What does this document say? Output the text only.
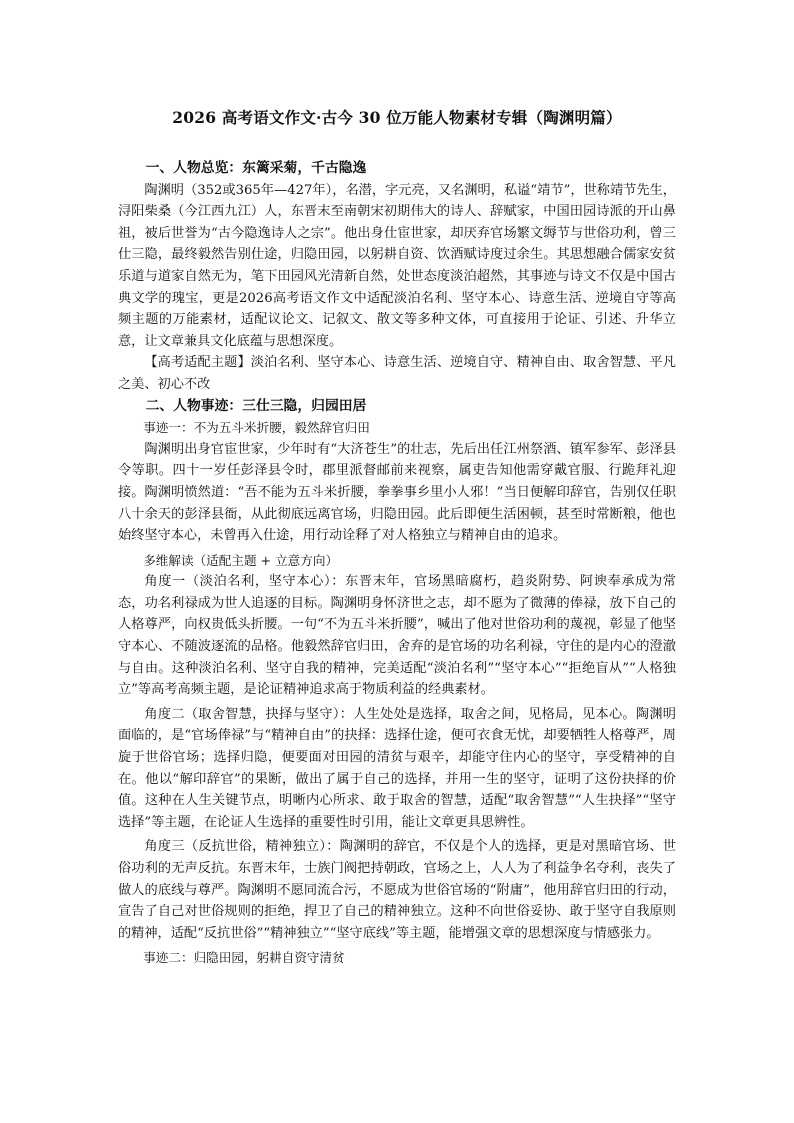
2026 高考语文作文·古今 30 位万能人物素材专辑（陶渊明篇）

一、人物总览：东篱采菊，千古隐逸

陶渊明（352或365年—427年），名潜，字元亮，又名渊明，私谥“靖节”，世称靖节先生，浔阳柴桑（今江西九江）人，东晋末至南朝宋初期伟大的诗人、辞赋家，中国田园诗派的开山鼻祖，被后世誉为“古今隐逸诗人之宗”。他出身仕宦世家，却厌弃官场繁文缛节与世俗功利，曾三仕三隐，最终毅然告别仕途，归隐田园，以躬耕自资、饮酒赋诗度过余生。其思想融合儒家安贫乐道与道家自然无为，笔下田园风光清新自然，处世态度淡泊超然，其事迹与诗文不仅是中国古典文学的瑰宝，更是2026高考语文作文中适配淡泊名利、坚守本心、诗意生活、逆境自守等高频主题的万能素材，适配议论文、记叙文、散文等多种文体，可直接用于论证、引述、升华立意，让文章兼具文化底蕴与思想深度。

【高考适配主题】淡泊名利、坚守本心、诗意生活、逆境自守、精神自由、取舍智慧、平凡之美、初心不改

二、人物事迹：三仕三隐，归园田居

事迹一：不为五斗米折腰，毅然辞官归田

陶渊明出身官宦世家，少年时有“大济苍生”的壮志，先后出任江州祭酒、镇军参军、彭泽县令等职。四十一岁任彭泽县令时，郡里派督邮前来视察，属吏告知他需穿戴官服、行跪拜礼迎接。陶渊明愤然道：“吾不能为五斗米折腰，拳拳事乡里小人邪！”当日便解印辞官，告别仅任职八十余天的彭泽县衙，从此彻底远离官场，归隐田园。此后即便生活困顿，甚至时常断粮，他也始终坚守本心，未曾再入仕途，用行动诠释了对人格独立与精神自由的追求。

多维解读（适配主题 + 立意方向）

角度一（淡泊名利，坚守本心）：东晋末年，官场黑暗腐朽，趋炎附势、阿谀奉承成为常态，功名利禄成为世人追逐的目标。陶渊明身怀济世之志，却不愿为了微薄的俸禄，放下自己的人格尊严，向权贵低头折腰。一句“不为五斗米折腰”，喊出了他对世俗功利的蔑视，彰显了他坚守本心、不随波逐流的品格。他毅然辞官归田，舍弃的是官场的功名利禄，守住的是内心的澄澈与自由。这种淡泊名利、坚守自我的精神，完美适配“淡泊名利”“坚守本心”“拒绝盲从”“人格独立”等高考高频主题，是论证精神追求高于物质利益的经典素材。

角度二（取舍智慧，抉择与坚守）：人生处处是选择，取舍之间，见格局，见本心。陶渊明面临的，是“官场俸禄”与“精神自由”的抉择：选择仕途，便可衣食无忧，却要牺牲人格尊严，周旋于世俗官场；选择归隐，便要面对田园的清贫与艰辛，却能守住内心的坚守，享受精神的自在。他以“解印辞官”的果断，做出了属于自己的选择，并用一生的坚守，证明了这份抉择的价值。这种在人生关键节点，明晰内心所求、敢于取舍的智慧，适配“取舍智慧”“人生抉择”“坚守选择”等主题，在论证人生选择的重要性时引用，能让文章更具思辨性。

角度三（反抗世俗，精神独立）：陶渊明的辞官，不仅是个人的选择，更是对黑暗官场、世俗功利的无声反抗。东晋末年，士族门阀把持朝政，官场之上，人人为了利益争名夺利，丧失了做人的底线与尊严。陶渊明不愿同流合污，不愿成为世俗官场的“附庸”，他用辞官归田的行动，宣告了自己对世俗规则的拒绝，捍卫了自己的精神独立。这种不向世俗妥协、敢于坚守自我原则的精神，适配“反抗世俗”“精神独立”“坚守底线”等主题，能增强文章的思想深度与情感张力。

事迹二：归隐田园，躬耕自资守清贫
